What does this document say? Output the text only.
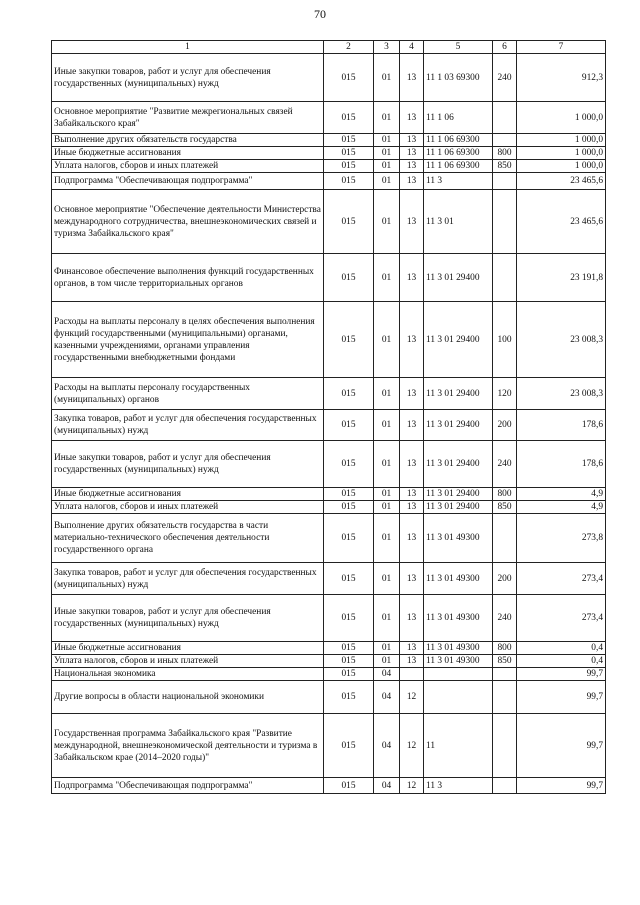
70
1	2	3	4	5	6	7
Иные закупки товаров, работ и услуг для обеспечения государственных (муниципальных) нужд	015	01	13	11 1 03 69300	240	912,3
Основное мероприятие "Развитие межрегиональных связей Забайкальского края"	015	01	13	11 1 06		1 000,0
Выполнение других обязательств государства	015	01	13	11 1 06 69300		1 000,0
Иные бюджетные ассигнования	015	01	13	11 1 06 69300	800	1 000,0
Уплата налогов, сборов и иных платежей	015	01	13	11 1 06 69300	850	1 000,0
Подпрограмма "Обеспечивающая подпрограмма"	015	01	13	11 3		23 465,6
Основное мероприятие "Обеспечение деятельности Министерства международного сотрудничества, внешнеэкономических связей и туризма Забайкальского края"	015	01	13	11 3 01		23 465,6
Финансовое обеспечение выполнения функций государственных органов, в том числе территориальных органов	015	01	13	11 3 01 29400		23 191,8
Расходы на выплаты персоналу в целях обеспечения выполнения функций государственными (муниципальными) органами, казенными учреждениями, органами управления государственными внебюджетными фондами	015	01	13	11 3 01 29400	100	23 008,3
Расходы на выплаты персоналу государственных (муниципальных) органов	015	01	13	11 3 01 29400	120	23 008,3
Закупка товаров, работ и услуг для обеспечения государственных (муниципальных) нужд	015	01	13	11 3 01 29400	200	178,6
Иные закупки товаров, работ и услуг для обеспечения государственных (муниципальных) нужд	015	01	13	11 3 01 29400	240	178,6
Иные бюджетные ассигнования	015	01	13	11 3 01 29400	800	4,9
Уплата налогов, сборов и иных платежей	015	01	13	11 3 01 29400	850	4,9
Выполнение других обязательств государства в части материально-технического обеспечения деятельности государственного органа	015	01	13	11 3 01 49300		273,8
Закупка товаров, работ и услуг для обеспечения государственных (муниципальных) нужд	015	01	13	11 3 01 49300	200	273,4
Иные закупки товаров, работ и услуг для обеспечения государственных (муниципальных) нужд	015	01	13	11 3 01 49300	240	273,4
Иные бюджетные ассигнования	015	01	13	11 3 01 49300	800	0,4
Уплата налогов, сборов и иных платежей	015	01	13	11 3 01 49300	850	0,4
Национальная экономика	015	04				99,7
Другие вопросы в области национальной экономики	015	04	12			99,7
Государственная программа Забайкальского края "Развитие международной, внешнеэкономической деятельности и туризма в Забайкальском крае (2014–2020 годы)"	015	04	12	11		99,7
Подпрограмма "Обеспечивающая подпрограмма"	015	04	12	11 3		99,7
